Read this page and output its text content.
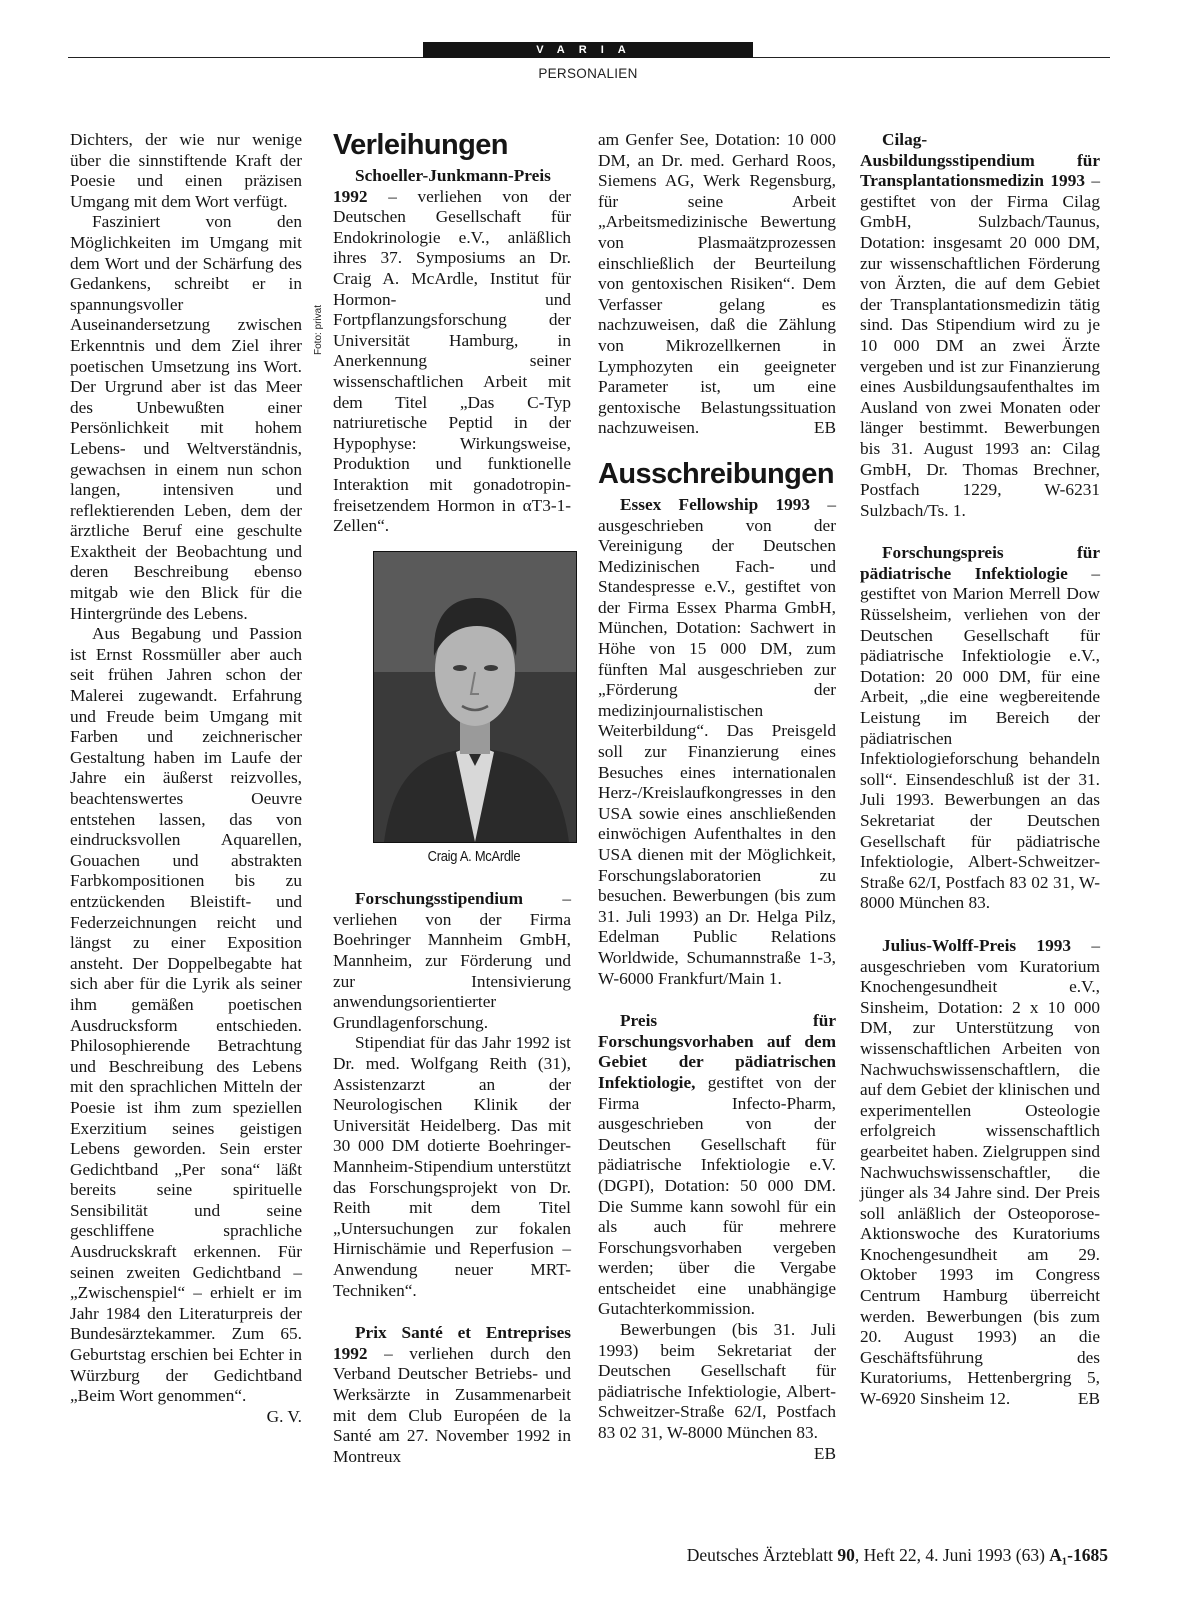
VARIA
PERSONALIEN

Dichters, der wie nur wenige über die sinnstiftende Kraft der Poesie und einen präzisen Umgang mit dem Wort verfügt.

Fasziniert von den Möglichkeiten im Umgang mit dem Wort und der Schärfung des Gedankens, schreibt er in spannungsvoller Auseinandersetzung zwischen Erkenntnis und dem Ziel ihrer poetischen Umsetzung ins Wort. Der Urgrund aber ist das Meer des Unbewußten einer Persönlichkeit mit hohem Lebens- und Weltverständnis, gewachsen in einem nun schon langen, intensiven und reflektierenden Leben, dem der ärztliche Beruf eine geschulte Exaktheit der Beobachtung und deren Beschreibung ebenso mitgab wie den Blick für die Hintergründe des Lebens.

Aus Begabung und Passion ist Ernst Rossmüller aber auch seit frühen Jahren schon der Malerei zugewandt. Erfahrung und Freude beim Umgang mit Farben und zeichnerischer Gestaltung haben im Laufe der Jahre ein äußerst reizvolles, beachtenswertes Oeuvre entstehen lassen, das von eindrucksvollen Aquarellen, Gouachen und abstrakten Farbkompositionen bis zu entzückenden Bleistift- und Federzeichnungen reicht und längst zu einer Exposition ansteht. Der Doppelbegabte hat sich aber für die Lyrik als seiner ihm gemäßen poetischen Ausdrucksform entschieden. Philosophierende Betrachtung und Beschreibung des Lebens mit den sprachlichen Mitteln der Poesie ist ihm zum speziellen Exerzitium seines geistigen Lebens geworden. Sein erster Gedichtband „Per sona“ läßt bereits seine spirituelle Sensibilität und seine geschliffene sprachliche Ausdruckskraft erkennen. Für seinen zweiten Gedichtband – „Zwischenspiel“ – erhielt er im Jahr 1984 den Literaturpreis der Bundesärztekammer. Zum 65. Geburtstag erschien bei Echter in Würzburg der Gedichtband „Beim Wort genommen“.
G. V.

Verleihungen

Schoeller-Junkmann-Preis 1992 – verliehen von der Deutschen Gesellschaft für Endokrinologie e.V., anläßlich ihres 37. Symposiums an Dr. Craig A. McArdle, Institut für Hormon- und Fortpflanzungsforschung der Universität Hamburg, in Anerkennung seiner wissenschaftlichen Arbeit mit dem Titel „Das C-Typ natriuretische Peptid in der Hypophyse: Wirkungsweise, Produktion und funktionelle Interaktion mit gonadotropin-freisetzendem Hormon in αT3-1-Zellen“.

Foto: privat
Craig A. McArdle

Forschungsstipendium – verliehen von der Firma Boehringer Mannheim GmbH, Mannheim, zur Förderung und zur Intensivierung anwendungsorientierter Grundlagenforschung.

Stipendiat für das Jahr 1992 ist Dr. med. Wolfgang Reith (31), Assistenzarzt an der Neurologischen Klinik der Universität Heidelberg. Das mit 30 000 DM dotierte Boehringer-Mannheim-Stipendium unterstützt das Forschungsprojekt von Dr. Reith mit dem Titel „Untersuchungen zur fokalen Hirnischämie und Reperfusion – Anwendung neuer MRT-Techniken“.

Prix Santé et Entreprises 1992 – verliehen durch den Verband Deutscher Betriebs- und Werksärzte in Zusammenarbeit mit dem Club Européen de la Santé am 27. November 1992 in Montreux

am Genfer See, Dotation: 10 000 DM, an Dr. med. Gerhard Roos, Siemens AG, Werk Regensburg, für seine Arbeit „Arbeitsmedizinische Bewertung von Plasmaätzprozessen einschließlich der Beurteilung von gentoxischen Risiken“. Dem Verfasser gelang es nachzuweisen, daß die Zählung von Mikrozellkernen in Lymphozyten ein geeigneter Parameter ist, um eine gentoxische Belastungssituation nachzuweisen.	EB

Ausschreibungen

Essex Fellowship 1993 – ausgeschrieben von der Vereinigung der Deutschen Medizinischen Fach- und Standespresse e.V., gestiftet von der Firma Essex Pharma GmbH, München, Dotation: Sachwert in Höhe von 15 000 DM, zum fünften Mal ausgeschrieben zur „Förderung der medizinjournalistischen Weiterbildung“. Das Preisgeld soll zur Finanzierung eines Besuches eines internationalen Herz-/Kreislaufkongresses in den USA sowie eines anschließenden einwöchigen Aufenthaltes in den USA dienen mit der Möglichkeit, Forschungslaboratorien zu besuchen. Bewerbungen (bis zum 31. Juli 1993) an Dr. Helga Pilz, Edelman Public Relations Worldwide, Schumannstraße 1-3, W-6000 Frankfurt/Main 1.

Preis für Forschungsvorhaben auf dem Gebiet der pädiatrischen Infektiologie, gestiftet von der Firma Infecto-Pharm, ausgeschrieben von der Deutschen Gesellschaft für pädiatrische Infektiologie e.V. (DGPI), Dotation: 50 000 DM. Die Summe kann sowohl für ein als auch für mehrere Forschungsvorhaben vergeben werden; über die Vergabe entscheidet eine unabhängige Gutachterkommission.

Bewerbungen (bis 31. Juli 1993) beim Sekretariat der Deutschen Gesellschaft für pädiatrische Infektiologie, Albert-Schweitzer-Straße 62/I, Postfach 83 02 31, W-8000 München 83.
EB

Cilag-Ausbildungsstipendium für Transplantationsmedizin 1993 – gestiftet von der Firma Cilag GmbH, Sulzbach/Taunus, Dotation: insgesamt 20 000 DM, zur wissenschaftlichen Förderung von Ärzten, die auf dem Gebiet der Transplantationsmedizin tätig sind. Das Stipendium wird zu je 10 000 DM an zwei Ärzte vergeben und ist zur Finanzierung eines Ausbildungsaufenthaltes im Ausland von zwei Monaten oder länger bestimmt. Bewerbungen bis 31. August 1993 an: Cilag GmbH, Dr. Thomas Brechner, Postfach 1229, W-6231 Sulzbach/Ts. 1.

Forschungspreis für pädiatrische Infektiologie – gestiftet von Marion Merrell Dow Rüsselsheim, verliehen von der Deutschen Gesellschaft für pädiatrische Infektiologie e.V., Dotation: 20 000 DM, für eine Arbeit, „die eine wegbereitende Leistung im Bereich der pädiatrischen Infektiologieforschung behandeln soll“. Einsendeschluß ist der 31. Juli 1993. Bewerbungen an das Sekretariat der Deutschen Gesellschaft für pädiatrische Infektiologie, Albert-Schweitzer-Straße 62/I, Postfach 83 02 31, W-8000 München 83.

Julius-Wolff-Preis 1993 – ausgeschrieben vom Kuratorium Knochengesundheit e.V., Sinsheim, Dotation: 2 x 10 000 DM, zur Unterstützung von wissenschaftlichen Arbeiten von Nachwuchswissenschaftlern, die auf dem Gebiet der klinischen und experimentellen Osteologie erfolgreich wissenschaftlich gearbeitet haben. Zielgruppen sind Nachwuchswissenschaftler, die jünger als 34 Jahre sind. Der Preis soll anläßlich der Osteoporose-Aktionswoche des Kuratoriums Knochengesundheit am 29. Oktober 1993 im Congress Centrum Hamburg überreicht werden. Bewerbungen (bis zum 20. August 1993) an die Geschäftsführung des Kuratoriums, Hettenbergring 5, W-6920 Sinsheim 12.	EB

Deutsches Ärzteblatt 90, Heft 22, 4. Juni 1993 (63) A₁-1685
